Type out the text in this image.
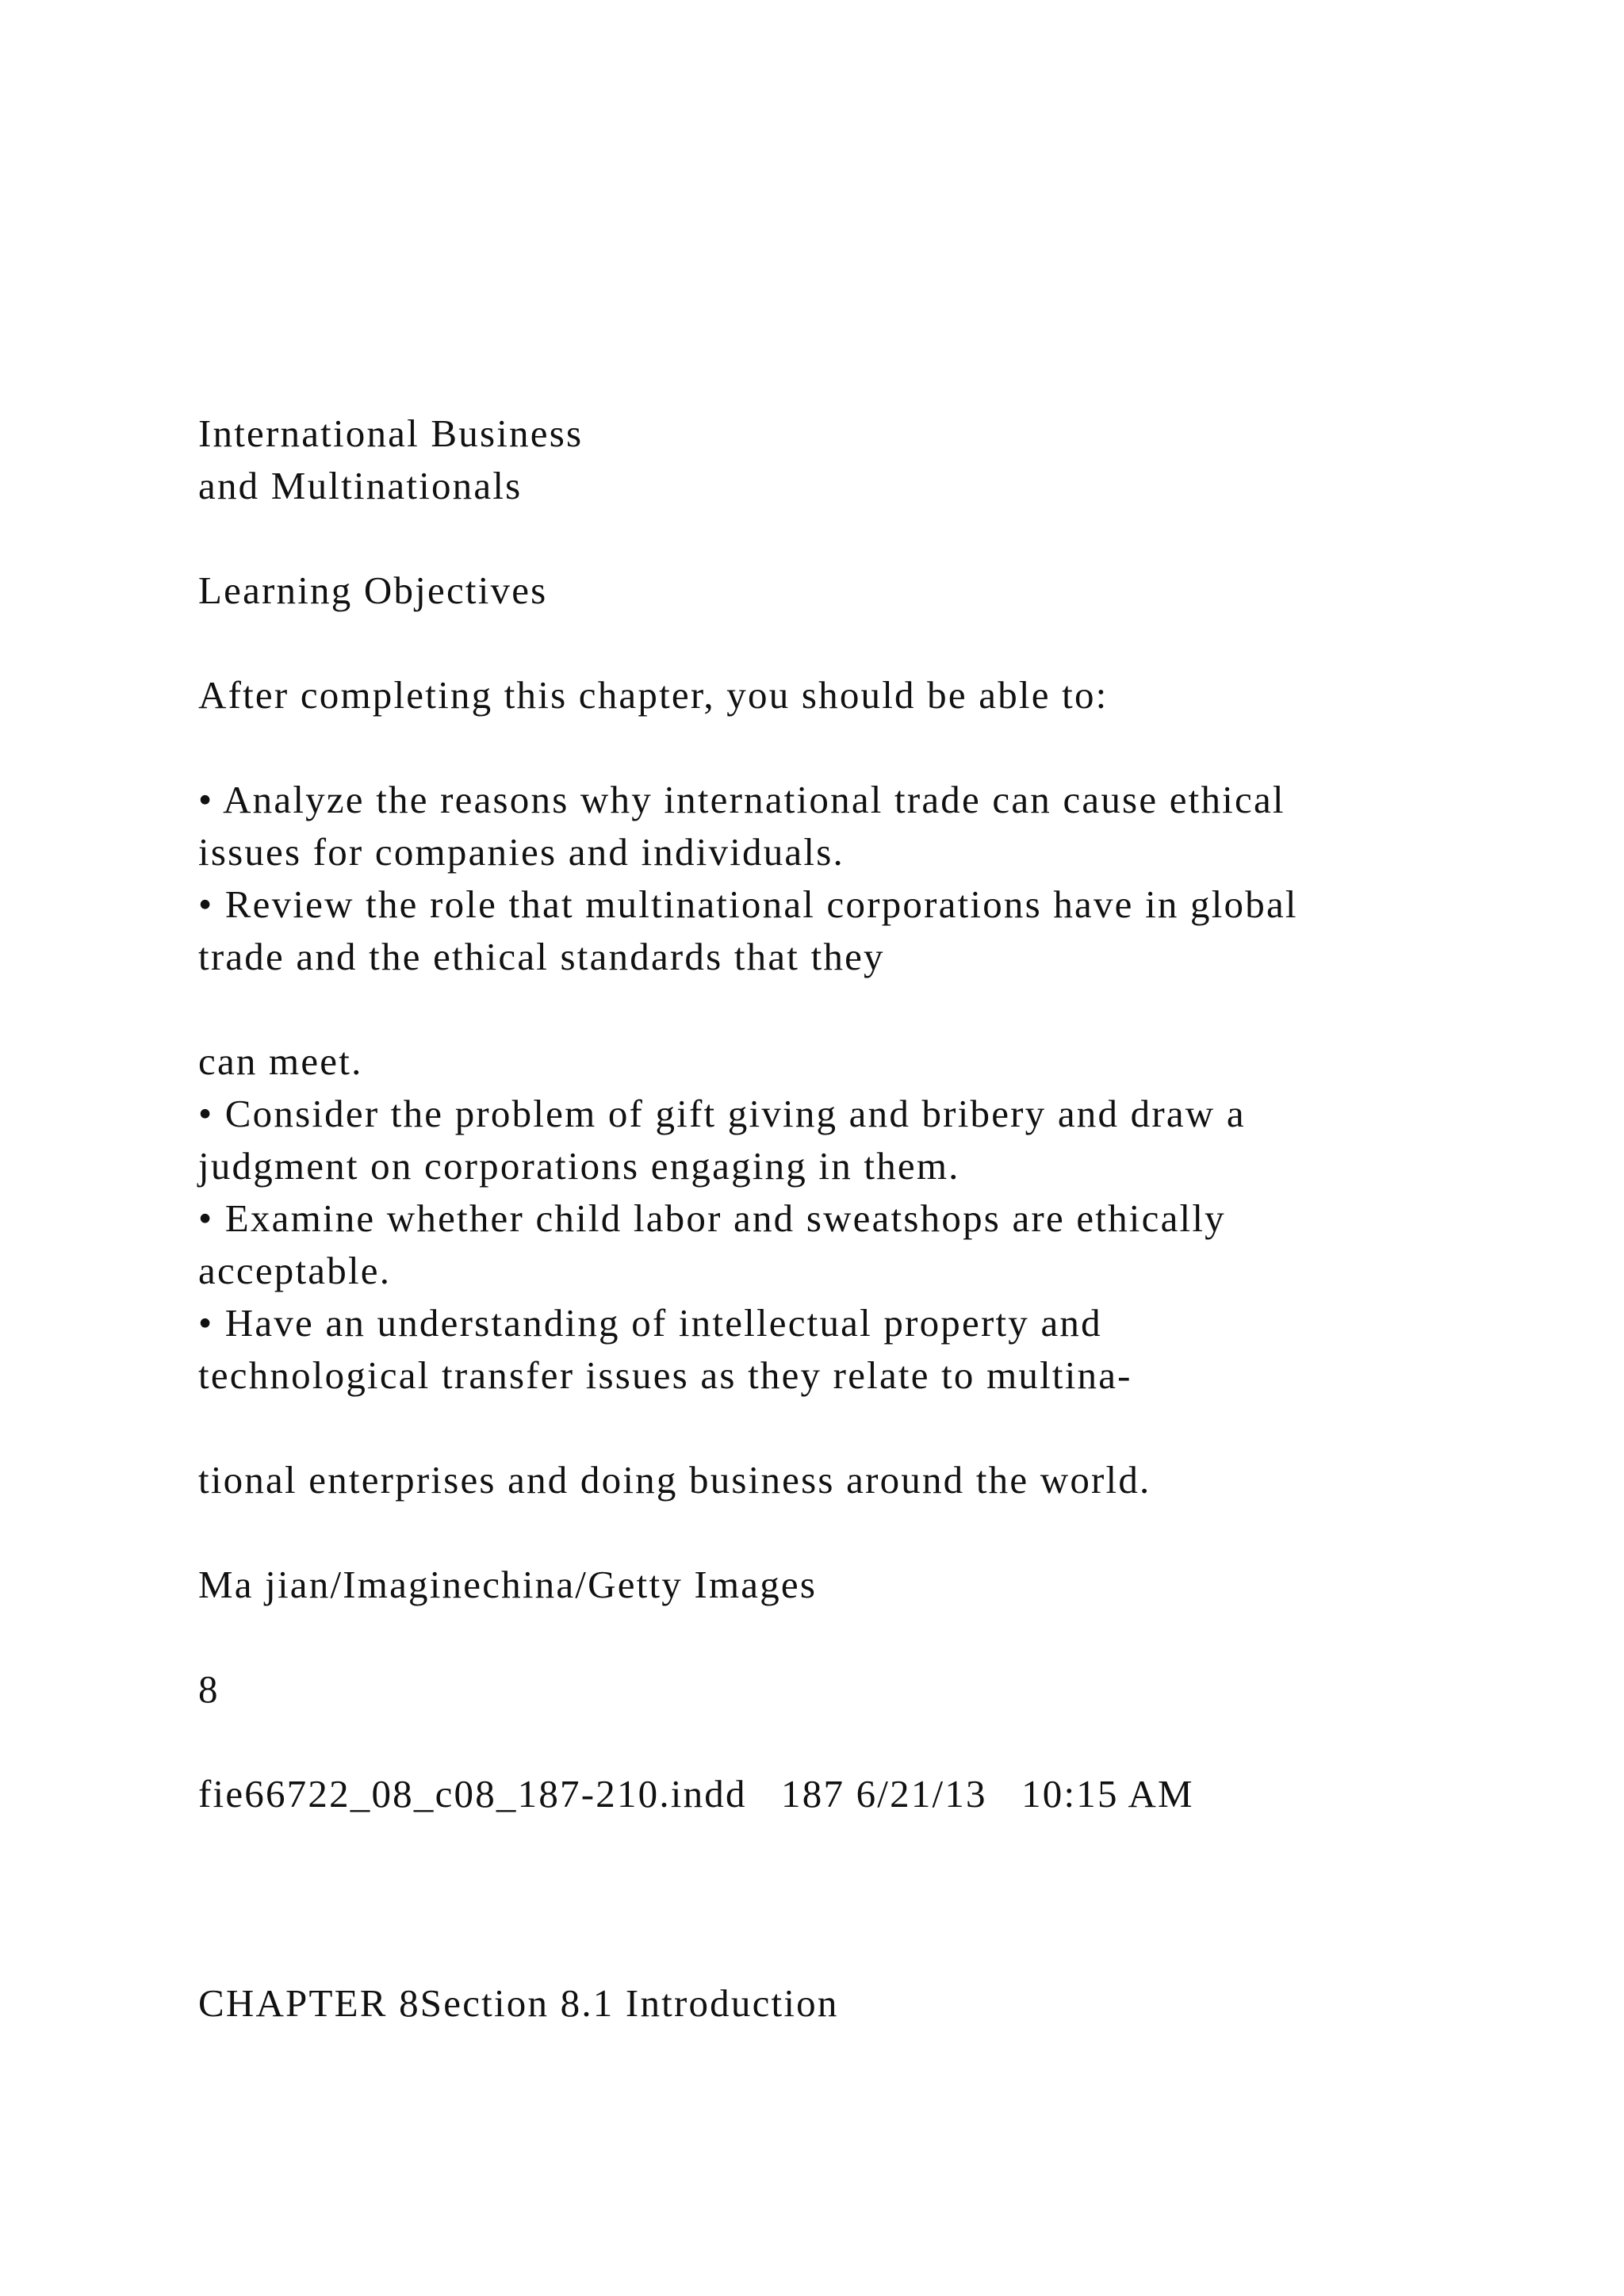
International Business

and Multinationals

Learning Objectives

After completing this chapter, you should be able to:

• Analyze the reasons why international trade can cause ethical

issues for companies and individuals.

• Review the role that multinational corporations have in global

trade and the ethical standards that they

can meet.

• Consider the problem of gift giving and bribery and draw a

judgment on corporations engaging in them.

• Examine whether child labor and sweatshops are ethically

acceptable.

• Have an understanding of intellectual property and

technological transfer issues as they relate to multina-

tional enterprises and doing business around the world.

Ma jian/Imaginechina/Getty Images

8

fie66722_08_c08_187-210.indd   187 6/21/13   10:15 AM

CHAPTER 8Section 8.1 Introduction
